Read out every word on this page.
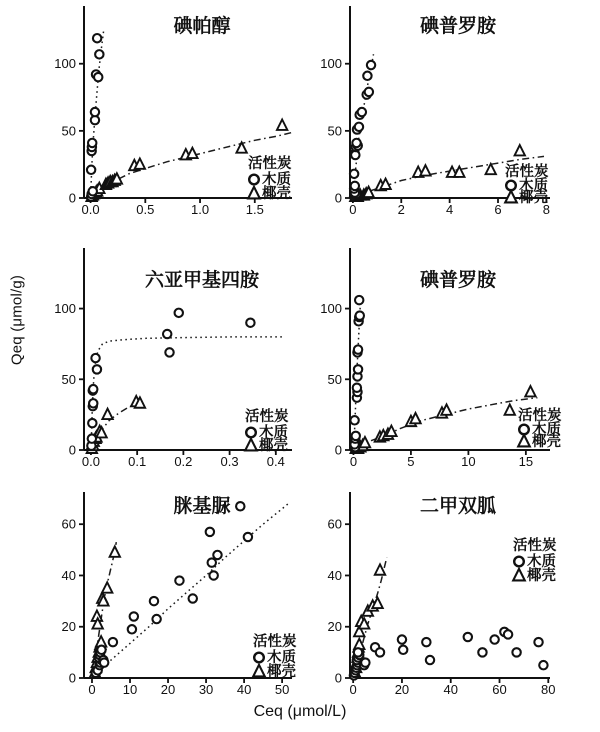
0.0	0.5	1.0	1.5
0
50
100
碘帕醇
活性炭
木质
椰壳
0	2	4	6	8
0
50
100
碘普罗胺
活性炭
木质
椰壳
0.0 0.1 0.2 0.3 0.4
0
50
100
六亚甲基四胺
活性炭
木质
椰壳
0	5	10	15
0
50
100
碘普罗胺
活性炭
木质
椰壳
0 10 20 30 40 50
0
20
40
60
脒基脲
活性炭
木质
椰壳
0	20	40	60	80
0
20
40
60
二甲双胍
活性炭
木质
椰壳
Qeq (μmol/g)
Ceq (μmol/L)
